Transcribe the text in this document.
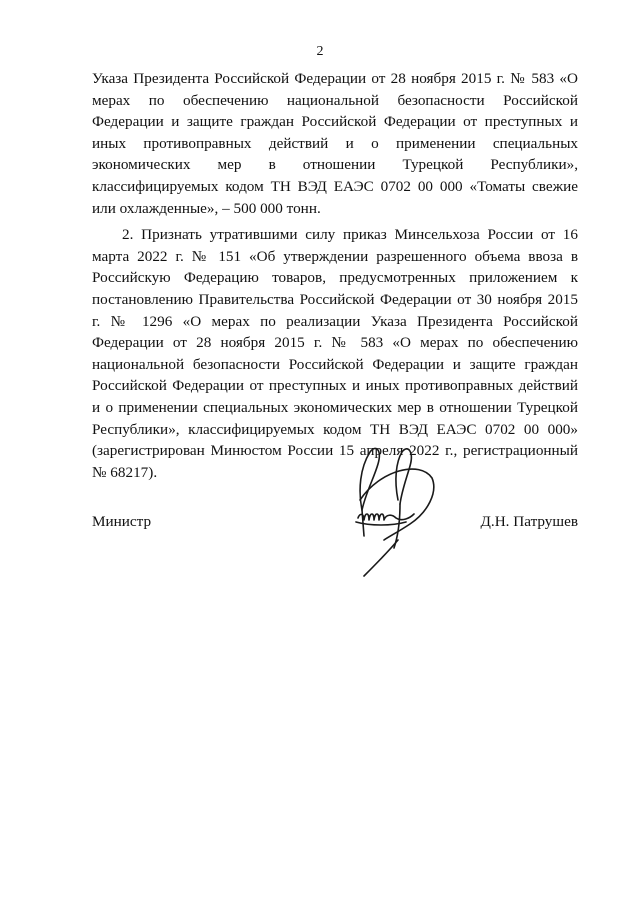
2

Указа Президента Российской Федерации от 28 ноября 2015 г. № 583 «О мерах по обеспечению национальной безопасности Российской Федерации и защите граждан Российской Федерации от преступных и иных противоправных действий и о применении специальных экономических мер в отношении Турецкой Республики», классифицируемых кодом ТН ВЭД ЕАЭС 0702 00 000 «Томаты свежие или охлажденные», – 500 000 тонн.

2. Признать утратившими силу приказ Минсельхоза России от 16 марта 2022 г. № 151 «Об утверждении разрешенного объема ввоза в Российскую Федерацию товаров, предусмотренных приложением к постановлению Правительства Российской Федерации от 30 ноября 2015 г. № 1296 «О мерах по реализации Указа Президента Российской Федерации от 28 ноября 2015 г. № 583 «О мерах по обеспечению национальной безопасности Российской Федерации и защите граждан Российской Федерации от преступных и иных противоправных действий и о применении специальных экономических мер в отношении Турецкой Республики», классифицируемых кодом ТН ВЭД ЕАЭС 0702 00 000» (зарегистрирован Минюстом России 15 апреля 2022 г., регистрационный № 68217).

Министр	Д.Н. Патрушев
